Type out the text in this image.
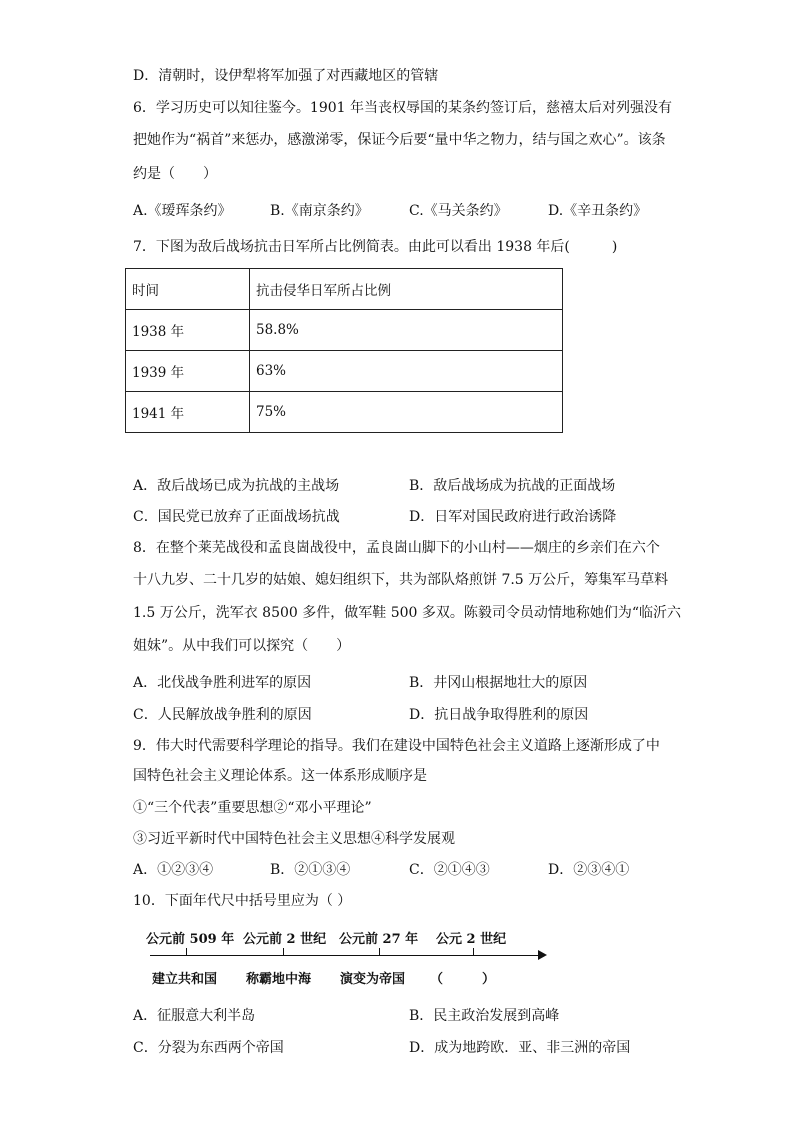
D．清朝时，设伊犁将军加强了对西藏地区的管辖
6．学习历史可以知往鉴今。1901 年当丧权辱国的某条约签订后，慈禧太后对列强没有
把她作为“祸首”来惩办，感激涕零，保证今后要“量中华之物力，结与国之欢心”。该条
约是（　　）
A.《瑷珲条约》	B.《南京条约》	C.《马关条约》	D.《辛丑条约》
7．下图为敌后战场抗击日军所占比例简表。由此可以看出 1938 年后(　　　)
时间	抗击侵华日军所占比例
1938 年	58.8%
1939 年	63%
1941 年	75%
A．敌后战场已成为抗战的主战场	B．敌后战场成为抗战的正面战场
C．国民党已放弃了正面战场抗战	D．日军对国民政府进行政治诱降
8．在整个莱芜战役和孟良崮战役中，孟良崮山脚下的小山村——烟庄的乡亲们在六个
十八九岁、二十几岁的姑娘、媳妇组织下，共为部队烙煎饼 7.5 万公斤，筹集军马草料
1.5 万公斤，洗军衣 8500 多件，做军鞋 500 多双。陈毅司令员动情地称她们为“临沂六
姐妹”。从中我们可以探究（　　）
A．北伐战争胜利进军的原因	B．井冈山根据地壮大的原因
C．人民解放战争胜利的原因	D．抗日战争取得胜利的原因
9．伟大时代需要科学理论的指导。我们在建设中国特色社会主义道路上逐渐形成了中
国特色社会主义理论体系。这一体系形成顺序是
①“三个代表”重要思想②“邓小平理论”
③习近平新时代中国特色社会主义思想④科学发展观
A．①②③④	B．②①③④	C．②①④③	D．②③④①
10．下面年代尺中括号里应为（ ）
公元前 509 年 公元前 2 世纪 公元前 27 年 公元 2 世纪
建立共和国 称霸地中海 演变为帝国 （　　　）
A．征服意大利半岛	B．民主政治发展到高峰
C．分裂为东西两个帝国	D．成为地跨欧．亚、非三洲的帝国
